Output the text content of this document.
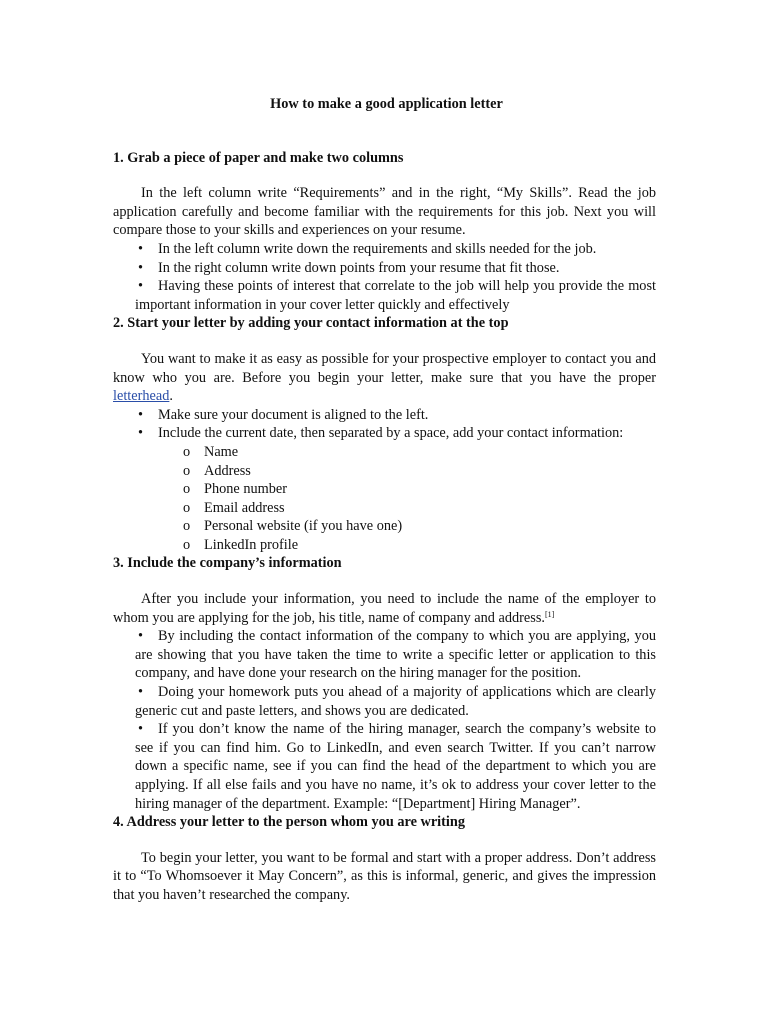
How to make a good application letter
1. Grab a piece of paper and make two columns

In the left column write “Requirements” and in the right, “My Skills”. Read the job application carefully and become familiar with the requirements for this job. Next you will compare those to your skills and experiences on your resume.

• In the left column write down the requirements and skills needed for the job.
• In the right column write down points from your resume that fit those.
• Having these points of interest that correlate to the job will help you provide the most important information in your cover letter quickly and effectively
2. Start your letter by adding your contact information at the top

You want to make it as easy as possible for your prospective employer to contact you and know who you are. Before you begin your letter, make sure that you have the proper letterhead.

• Make sure your document is aligned to the left.
• Include the current date, then separated by a space, add your contact information:
o Name
o Address
o Phone number
o Email address
o Personal website (if you have one)
o LinkedIn profile
3. Include the company’s information

After you include your information, you need to include the name of the employer to whom you are applying for the job, his title, name of company and address.[1]

• By including the contact information of the company to which you are applying, you are showing that you have taken the time to write a specific letter or application to this company, and have done your research on the hiring manager for the position.
• Doing your homework puts you ahead of a majority of applications which are clearly generic cut and paste letters, and shows you are dedicated.
• If you don’t know the name of the hiring manager, search the company’s website to see if you can find him. Go to LinkedIn, and even search Twitter. If you can’t narrow down a specific name, see if you can find the head of the department to which you are applying. If all else fails and you have no name, it’s ok to address your cover letter to the hiring manager of the department. Example: “[Department] Hiring Manager”.
4. Address your letter to the person whom you are writing

To begin your letter, you want to be formal and start with a proper address. Don’t address it to “To Whomsoever it May Concern”, as this is informal, generic, and gives the impression that you haven’t researched the company.
